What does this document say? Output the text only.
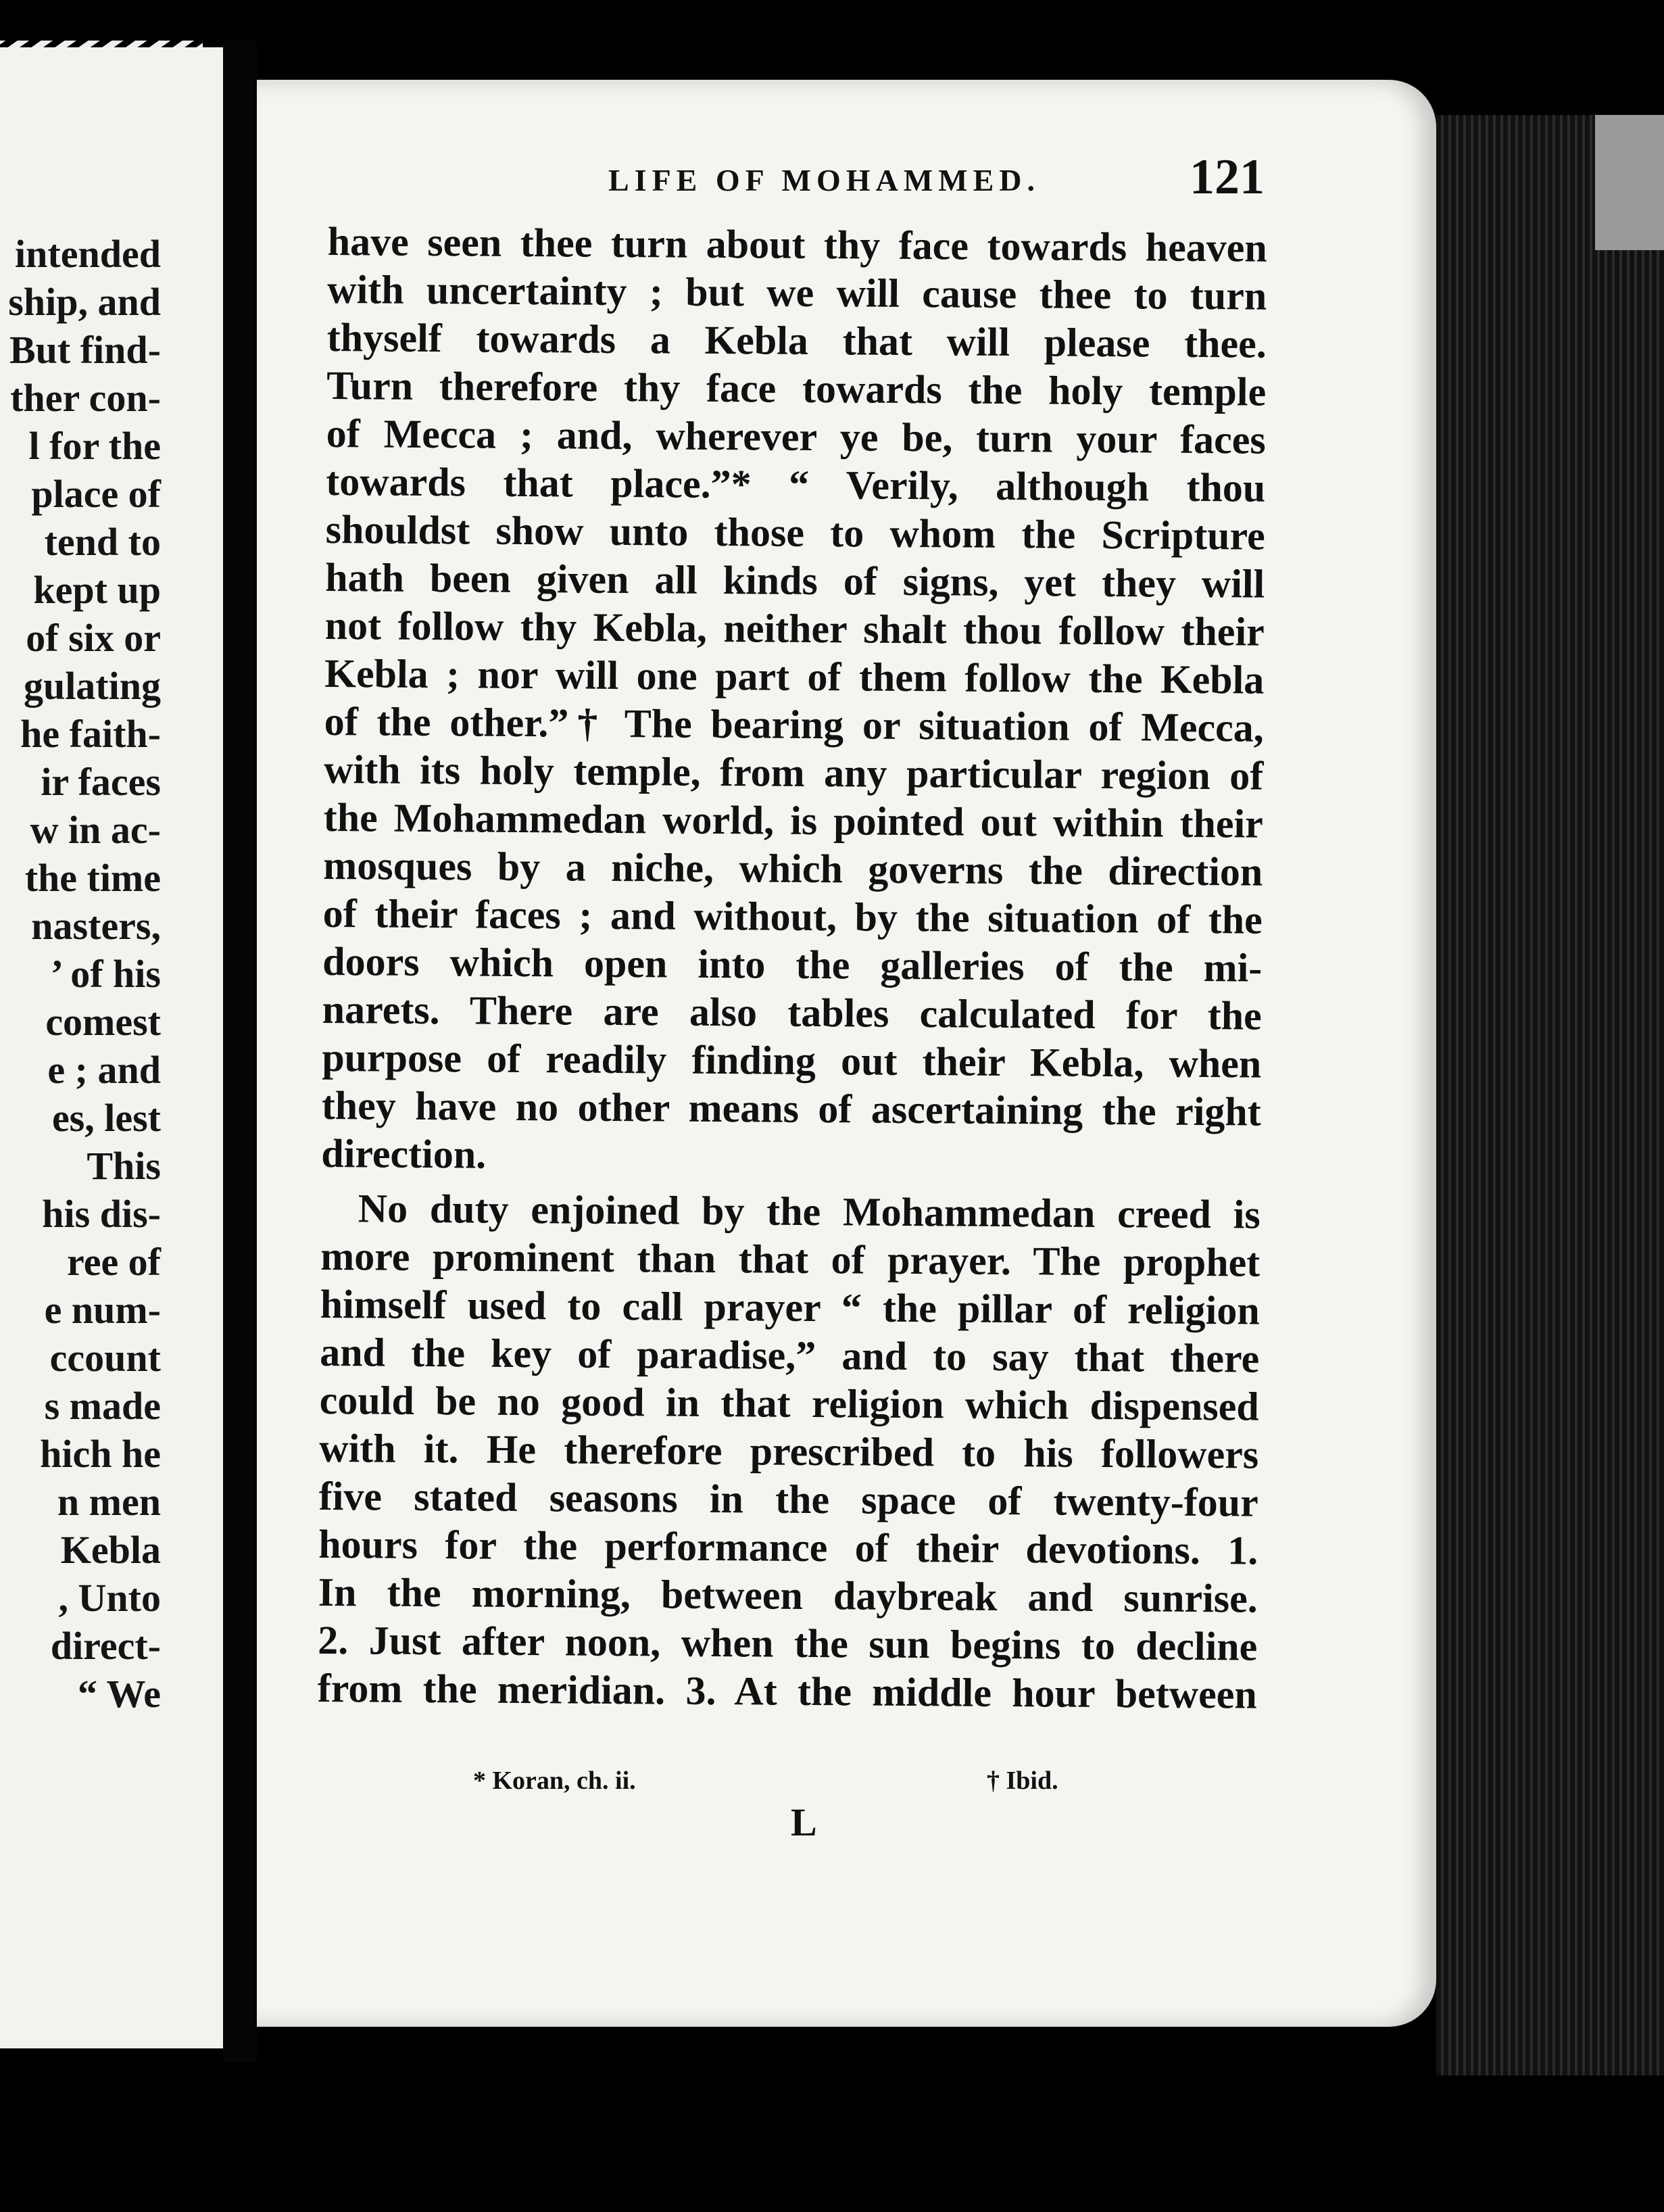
intended
ship, and
But find-
ther con-
l for the
place of
tend to
kept up
of six or
gulating
he faith-
ir faces
w in ac-
the time
nasters,
’ of his
comest
e ; and
es, lest
This
his dis-
ree of
e num-
ccount
s made
hich he
n men
Kebla
, Unto
direct-
“ We
LIFE OF MOHAMMED.	121
have seen thee turn about thy face towards heaven
with uncertainty ; but we will cause thee to turn
thyself towards a Kebla that will please thee.
Turn therefore thy face towards the holy temple
of Mecca ; and, wherever ye be, turn your faces
towards that place.”* “ Verily, although thou
shouldst show unto those to whom the Scripture
hath been given all kinds of signs, yet they will
not follow thy Kebla, neither shalt thou follow their
Kebla ; nor will one part of them follow the Kebla
of the other.”† The bearing or situation of Mecca,
with its holy temple, from any particular region of
the Mohammedan world, is pointed out within their
mosques by a niche, which governs the direction
of their faces ; and without, by the situation of the
doors which open into the galleries of the mi-
narets. There are also tables calculated for the
purpose of readily finding out their Kebla, when
they have no other means of ascertaining the right
direction.
No duty enjoined by the Mohammedan creed is
more prominent than that of prayer. The prophet
himself used to call prayer “ the pillar of religion
and the key of paradise,” and to say that there
could be no good in that religion which dispensed
with it. He therefore prescribed to his followers
five stated seasons in the space of twenty-four
hours for the performance of their devotions. 1.
In the morning, between daybreak and sunrise.
2. Just after noon, when the sun begins to decline
from the meridian. 3. At the middle hour between
* Koran, ch. ii.	† Ibid.
L
